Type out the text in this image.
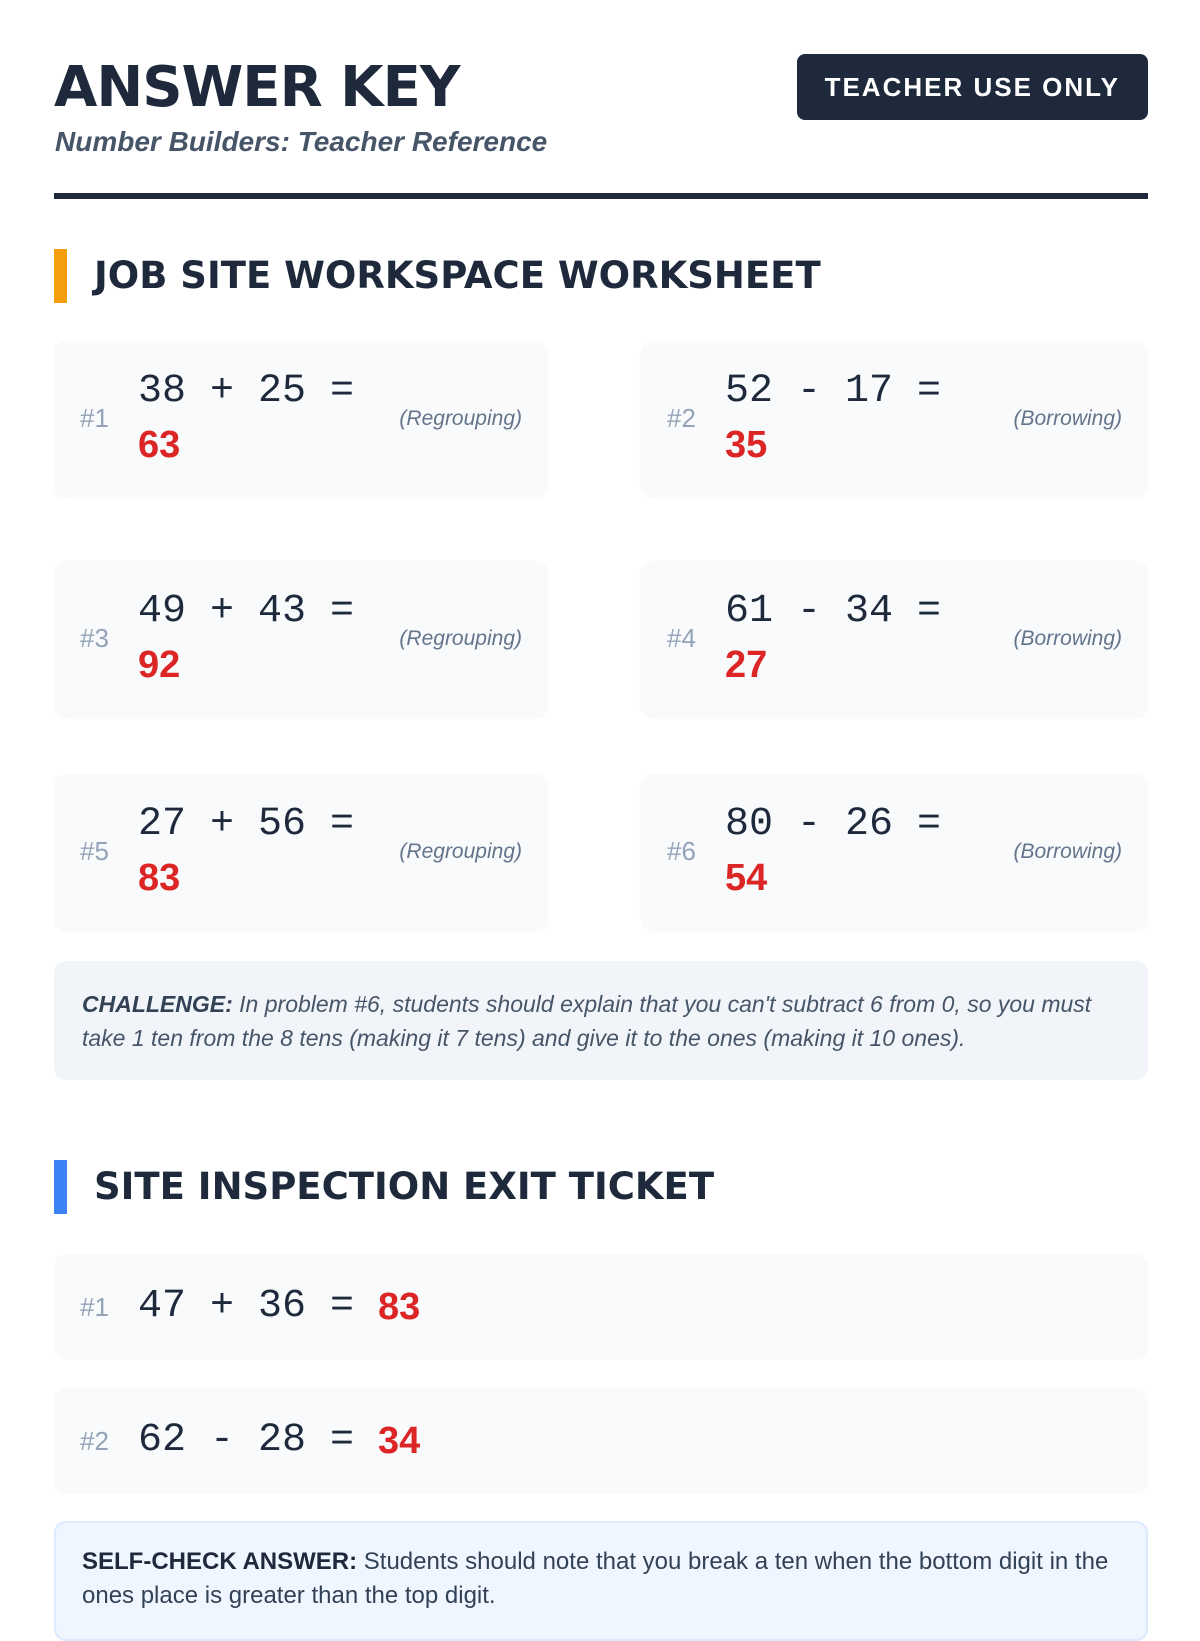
ANSWER KEY
Number Builders: Teacher Reference
TEACHER USE ONLY
JOB SITE WORKSPACE WORKSHEET
#1
38 + 25 =
63
(Regrouping)	#2
52 - 17 =
35
(Borrowing)
#3
49 + 43 =
92
(Regrouping)	#4
61 - 34 =
27
(Borrowing)
#5
27 + 56 =
83
(Regrouping)	#6
80 - 26 =
54
(Borrowing)
CHALLENGE: In problem #6, students should explain that you can't subtract 6 from 0, so you must take 1 ten from the 8 tens (making it 7 tens) and give it to the ones (making it 10 ones).
SITE INSPECTION EXIT TICKET
#1 47 + 36 = 83
#2 62 - 28 = 34
SELF-CHECK ANSWER: Students should note that you break a ten when the bottom digit in the ones place is greater than the top digit.
